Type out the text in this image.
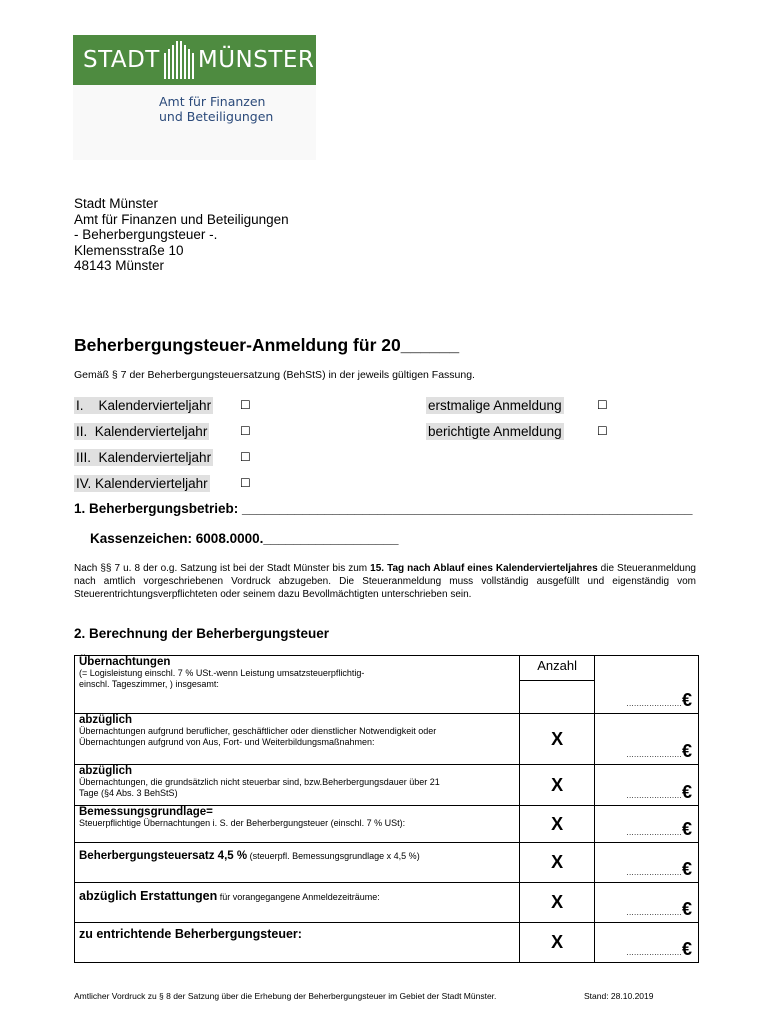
STADT MÜNSTER
Amt für Finanzen
und Beteiligungen
Stadt Münster
Amt für Finanzen und Beteiligungen
- Beherbergungsteuer -.
Klemensstraße 10
48143 Münster
Beherbergungsteuer-Anmeldung für 20______
Gemäß § 7 der Beherbergungsteuersatzung (BehStS) in der jeweils gültigen Fassung.
I.    Kalendervierteljahr ☐
II.  Kalendervierteljahr	☐
III.  Kalendervierteljahr ☐
IV. Kalendervierteljahr	☐
erstmalige Anmeldung	☐
berichtigte Anmeldung	☐
1. Beherbergungsbetrieb: ____________________________________________________________
Kassenzeichen: 6008.0000.__________________
Nach §§ 7 u. 8 der o.g. Satzung ist bei der Stadt Münster bis zum 15. Tag nach Ablauf eines Kalendervierteljahres die Steueranmeldung nach amtlich vorgeschriebenen Vordruck abzugeben. Die Steueranmeldung muss vollständig ausgefüllt und eigenständig vom Steuerentrichtungsverpflichteten oder seinem dazu Bevollmächtigten unterschrieben sein.
2. Berechnung der Beherbergungsteuer
Übernachtungen
(= Logisleistung einschl. 7 % USt.-wenn Leistung umsatzsteuerpflichtig-
einschl. Tageszimmer, ) insgesamt:	Anzahl	......................€

abzüglich
Übernachtungen aufgrund beruflicher, geschäftlicher oder dienstlicher Notwendigkeit oder
Übernachtungen aufgrund von Aus, Fort- und Weiterbildungsmaßnahmen:	X	......................€

abzüglich
Übernachtungen, die grundsätzlich nicht steuerbar sind, bzw.Beherbergungsdauer über 21
Tage (§4 Abs. 3 BehStS)	X	......................€

Bemessungsgrundlage=
Steuerpflichtige Übernachtungen i. S. der Beherbergungsteuer (einschl. 7 % USt):	X	......................€

Beherbergungsteuersatz 4,5 % (steuerpfl. Bemessungsgrundlage x 4,5 %)	X	......................€

abzüglich Erstattungen für vorangegangene Anmeldezeiträume:	X	......................€

zu entrichtende Beherbergungsteuer:	X	......................€
Amtlicher Vordruck zu § 8 der Satzung über die Erhebung der Beherbergungsteuer im Gebiet der Stadt Münster.	Stand: 28.10.2019
